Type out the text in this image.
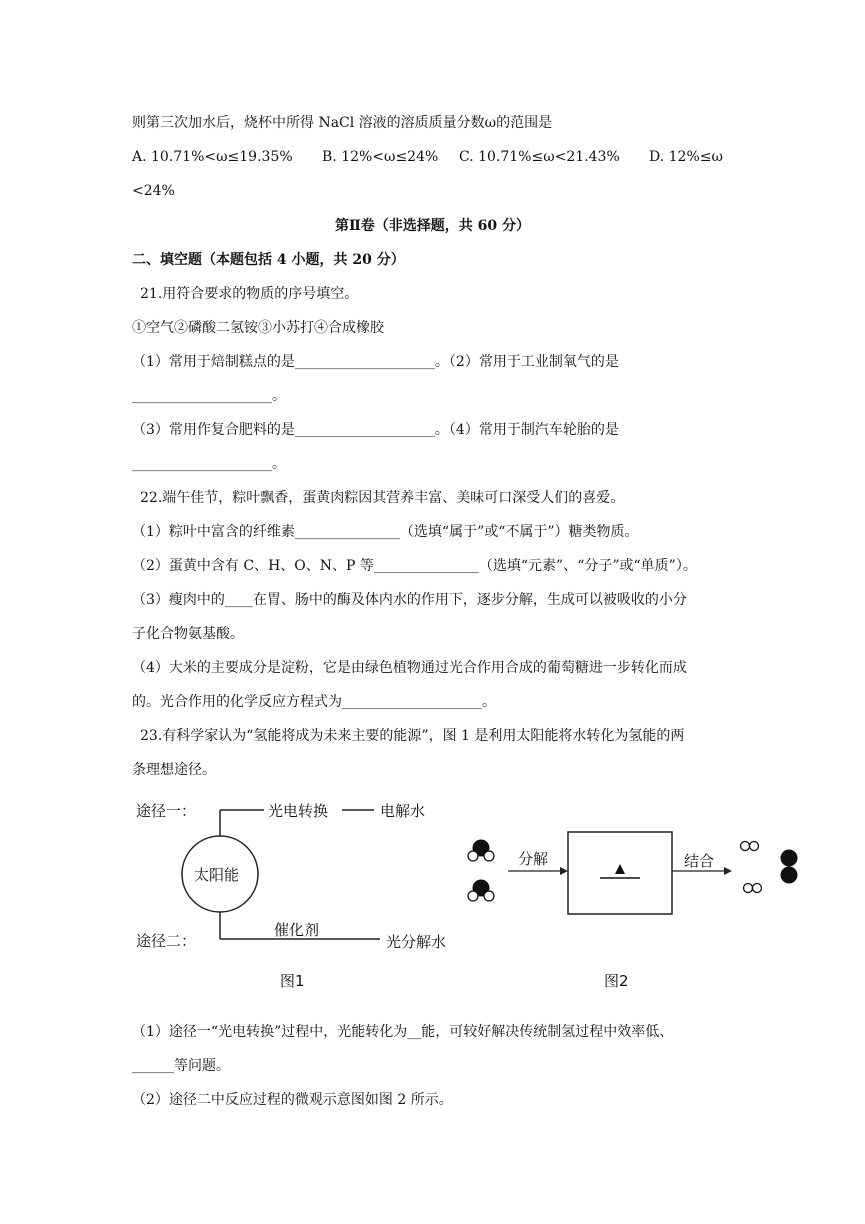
则第三次加水后，烧杯中所得 NaCl 溶液的溶质质量分数ω的范围是
A. 10.71%<ω≤19.35% B. 12%<ω≤24% C. 10.71%≤ω<21.43% D. 12%≤ω
<24%
第Ⅱ卷（非选择题，共 60 分）
二、填空题（本题包括 4 小题，共 20 分）
21.用符合要求的物质的序号填空。
①空气②磷酸二氢铵③小苏打④合成橡胶
（1）常用于焙制糕点的是____________________。（2）常用于工业制氧气的是
____________________。
（3）常用作复合肥料的是____________________。（4）常用于制汽车轮胎的是
____________________。
22.端午佳节，粽叶飘香，蛋黄肉粽因其营养丰富、美味可口深受人们的喜爱。
（1）粽叶中富含的纤维素_______________（选填“属于”或“不属于”）糖类物质。
（2）蛋黄中含有 C、H、O、N、P 等_______________（选填“元素”、“分子”或“单质”）。
（3）瘦肉中的____在胃、肠中的酶及体内水的作用下，逐步分解，生成可以被吸收的小分
子化合物氨基酸。
（4）大米的主要成分是淀粉，它是由绿色植物通过光合作用合成的葡萄糖进一步转化而成
的。光合作用的化学反应方程式为____________________。
23.有科学家认为“氢能将成为未来主要的能源”，图 1 是利用太阳能将水转化为氢能的两
条理想途径。
途径一：	光电转换	电解水
太阳能
催化剂
途径二：	光分解水
图1
分解	结合
图2
（1）途径一“光电转换”过程中，光能转化为__能，可较好解决传统制氢过程中效率低、
______等问题。
（2）途径二中反应过程的微观示意图如图 2 所示。
